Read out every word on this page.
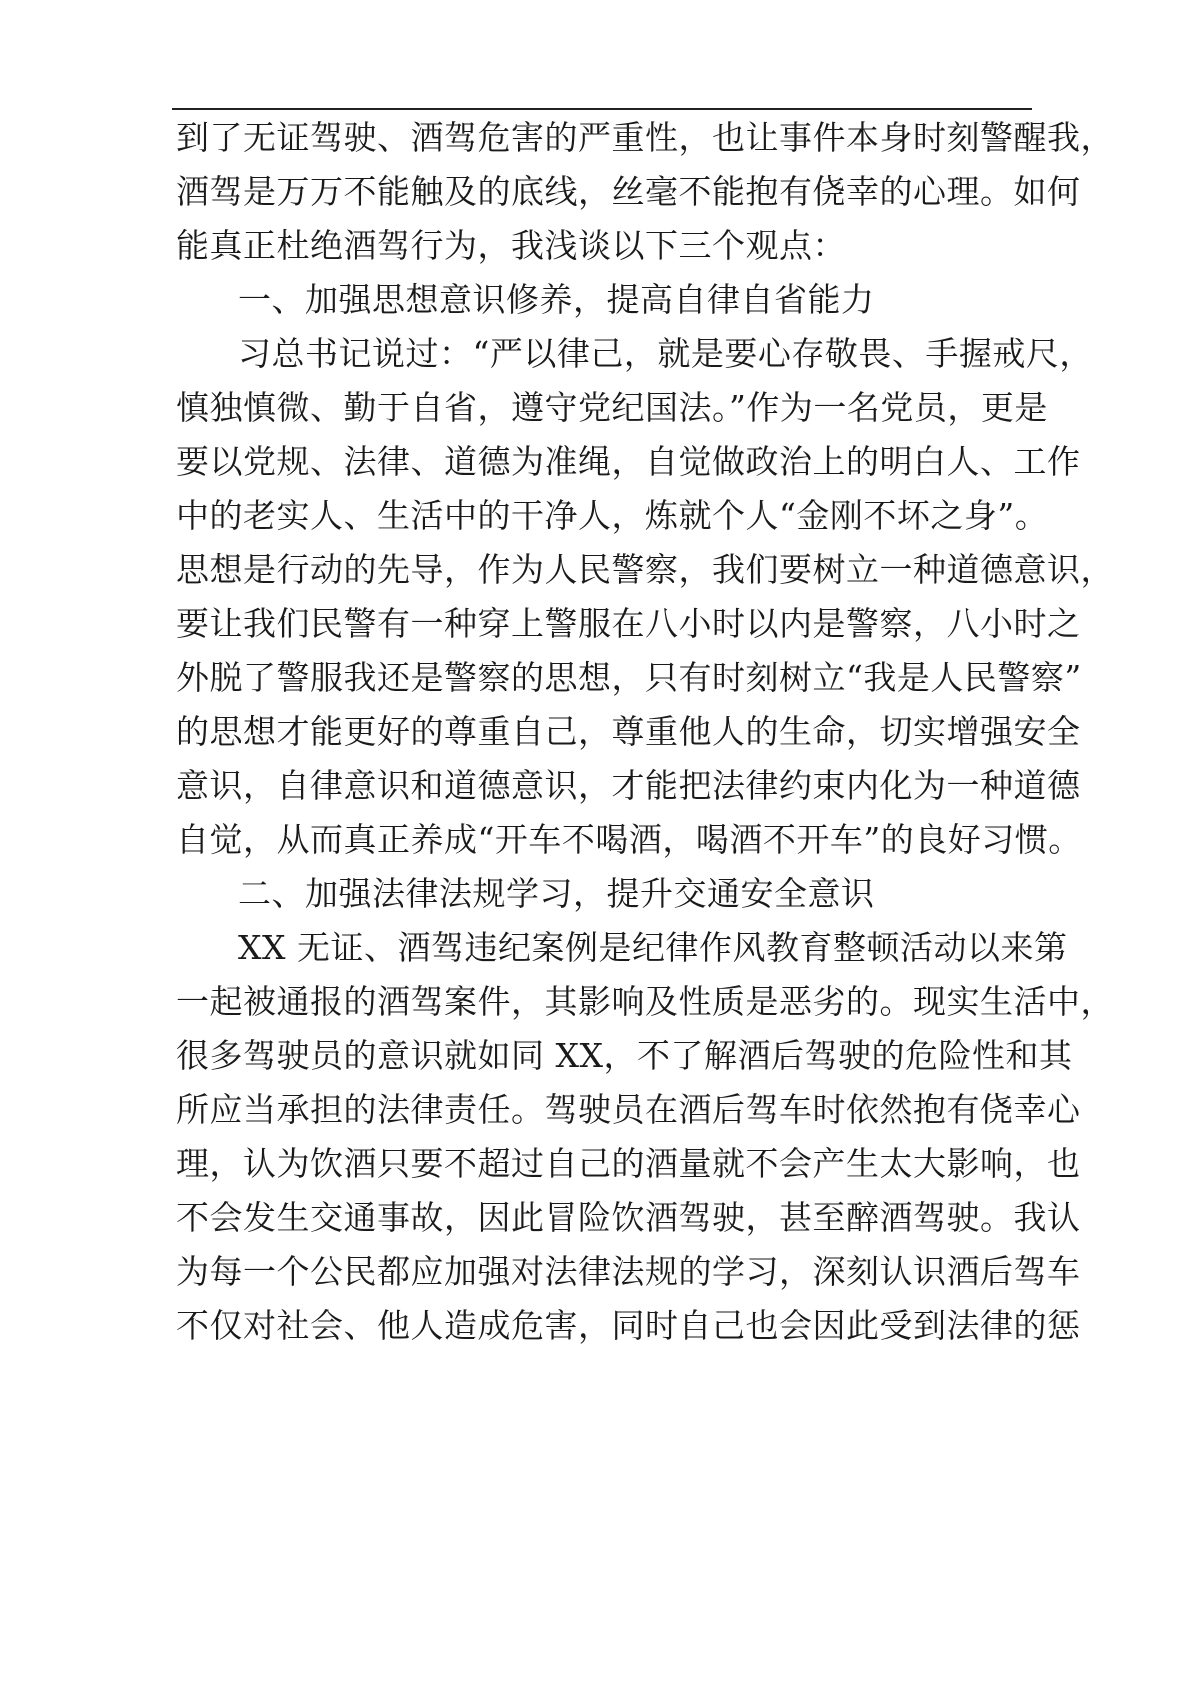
到了无证驾驶、酒驾危害的严重性，也让事件本身时刻警醒我，
酒驾是万万不能触及的底线，丝毫不能抱有侥幸的心理。如何
能真正杜绝酒驾行为，我浅谈以下三个观点：
一、加强思想意识修养，提高自律自省能力
习总书记说过：“严以律己，就是要心存敬畏、手握戒尺，
慎独慎微、勤于自省，遵守党纪国法。”作为一名党员，更是
要以党规、法律、道德为准绳，自觉做政治上的明白人、工作
中的老实人、生活中的干净人，炼就个人“金刚不坏之身”。
思想是行动的先导，作为人民警察，我们要树立一种道德意识，
要让我们民警有一种穿上警服在八小时以内是警察，八小时之
外脱了警服我还是警察的思想，只有时刻树立“我是人民警察”
的思想才能更好的尊重自己，尊重他人的生命，切实增强安全
意识，自律意识和道德意识，才能把法律约束内化为一种道德
自觉，从而真正养成“开车不喝酒，喝酒不开车”的良好习惯。
二、加强法律法规学习，提升交通安全意识
XX 无证、酒驾违纪案例是纪律作风教育整顿活动以来第
一起被通报的酒驾案件，其影响及性质是恶劣的。现实生活中，
很多驾驶员的意识就如同 XX，不了解酒后驾驶的危险性和其
所应当承担的法律责任。驾驶员在酒后驾车时依然抱有侥幸心
理，认为饮酒只要不超过自己的酒量就不会产生太大影响，也
不会发生交通事故，因此冒险饮酒驾驶，甚至醉酒驾驶。我认
为每一个公民都应加强对法律法规的学习，深刻认识酒后驾车
不仅对社会、他人造成危害，同时自己也会因此受到法律的惩
